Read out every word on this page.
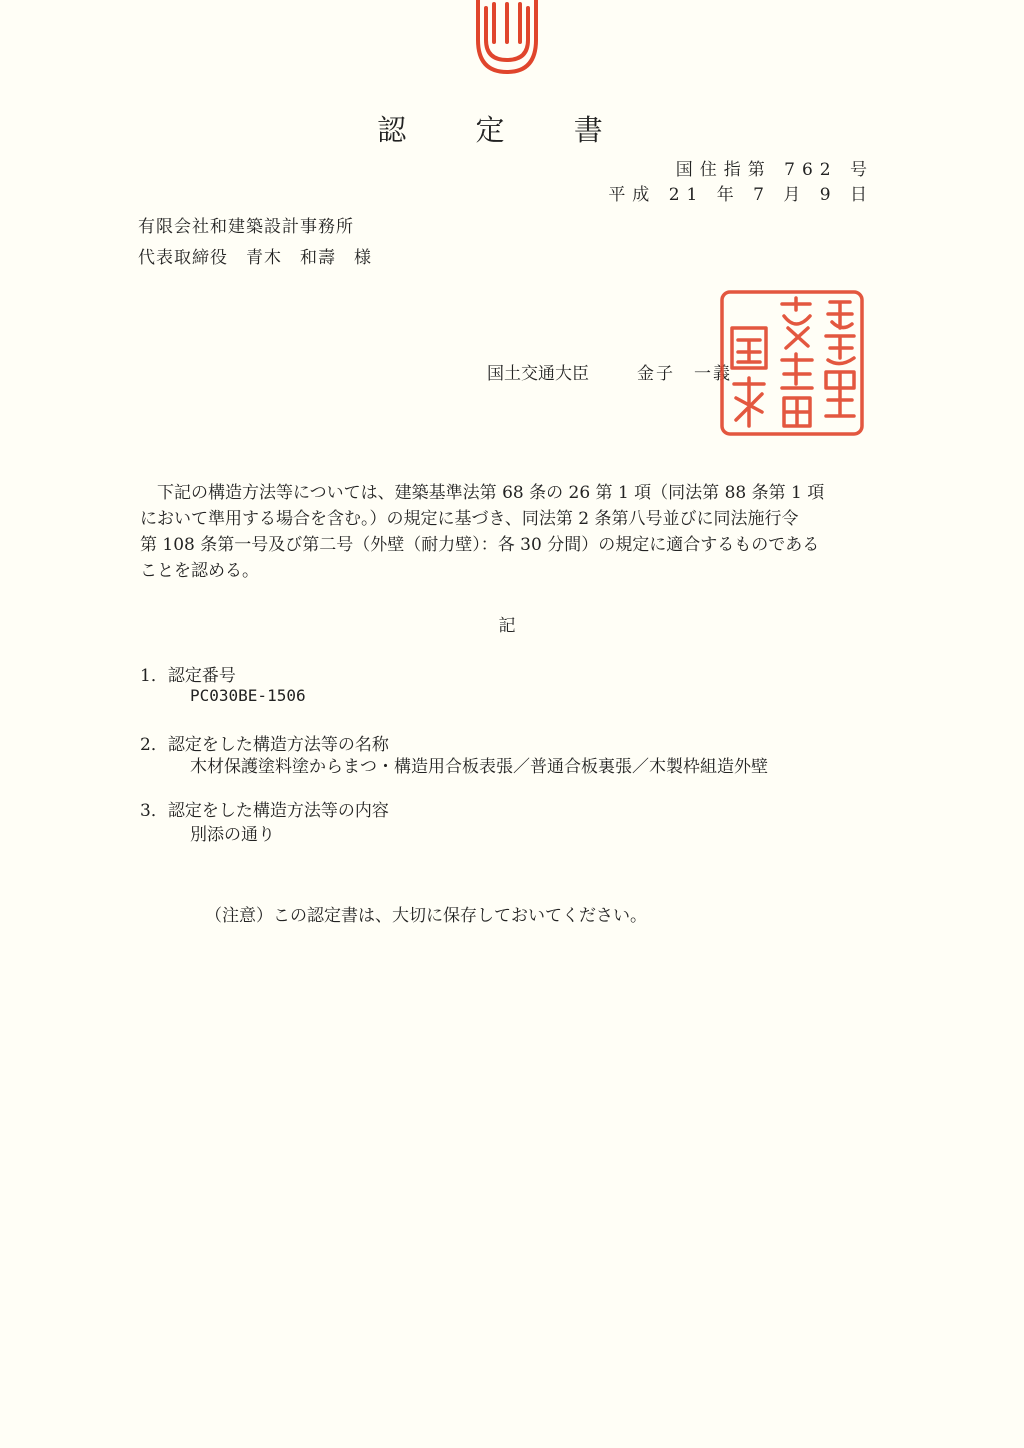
認 定 書
国住指第 762 号
平成 21 年 7 月 9 日
有限会社和建築設計事務所
代表取締役　青木　和壽　様
国土交通大臣	金子　一義
　下記の構造方法等については、建築基準法第 68 条の 26 第 1 項（同法第 88 条第 1 項
において準用する場合を含む。）の規定に基づき、同法第 2 条第八号並びに同法施行令
第 108 条第一号及び第二号（外壁（耐力壁）：各 30 分間）の規定に適合するものである
ことを認める。
記
1．認定番号
PC030BE-1506
2．認定をした構造方法等の名称
木材保護塗料塗からまつ・構造用合板表張／普通合板裏張／木製枠組造外壁
3．認定をした構造方法等の内容
別添の通り
（注意）この認定書は、大切に保存しておいてください。
